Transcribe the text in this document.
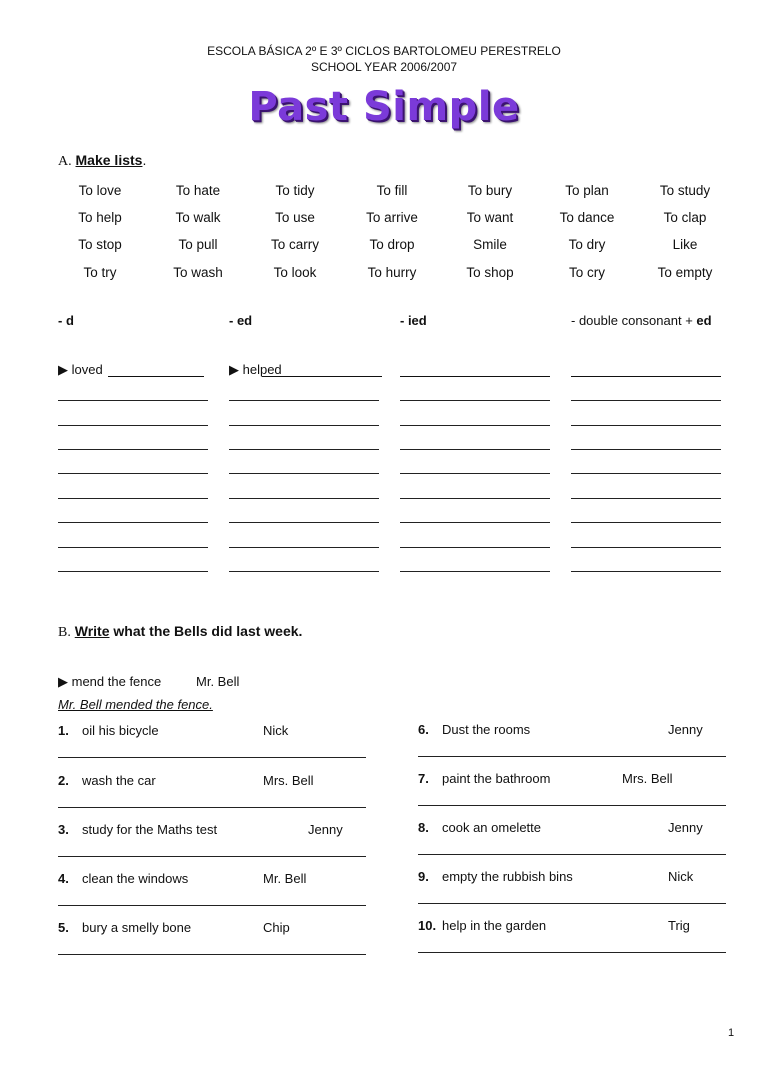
ESCOLA BÁSICA 2º E 3º CICLOS BARTOLOMEU PERESTRELO
SCHOOL YEAR 2006/2007
Past Simple
A. Make lists.
To love	To hate	To tidy	To fill	To bury	To plan	To study
To help	To walk	To use	To arrive	To want	To dance	To clap
To stop	To pull	To carry	To drop	Smile	To dry	Like
To try	To wash	To look	To hurry	To shop	To cry	To empty
- d	- ed	- ied	- double consonant + ed
▶ loved	▶ helped
B. Write what the Bells did last week.
▶ mend the fence	Mr. Bell
Mr. Bell mended the fence.
1. oil his bicycle	Nick	6. Dust the rooms	Jenny
2. wash the car	Mrs. Bell	7. paint the bathroom	Mrs. Bell
3. study for the Maths test	Jenny	8. cook an omelette	Jenny
4. clean the windows	Mr. Bell	9. empty the rubbish bins	Nick
5. bury a smelly bone	Chip	10. help in the garden	Trig
1
